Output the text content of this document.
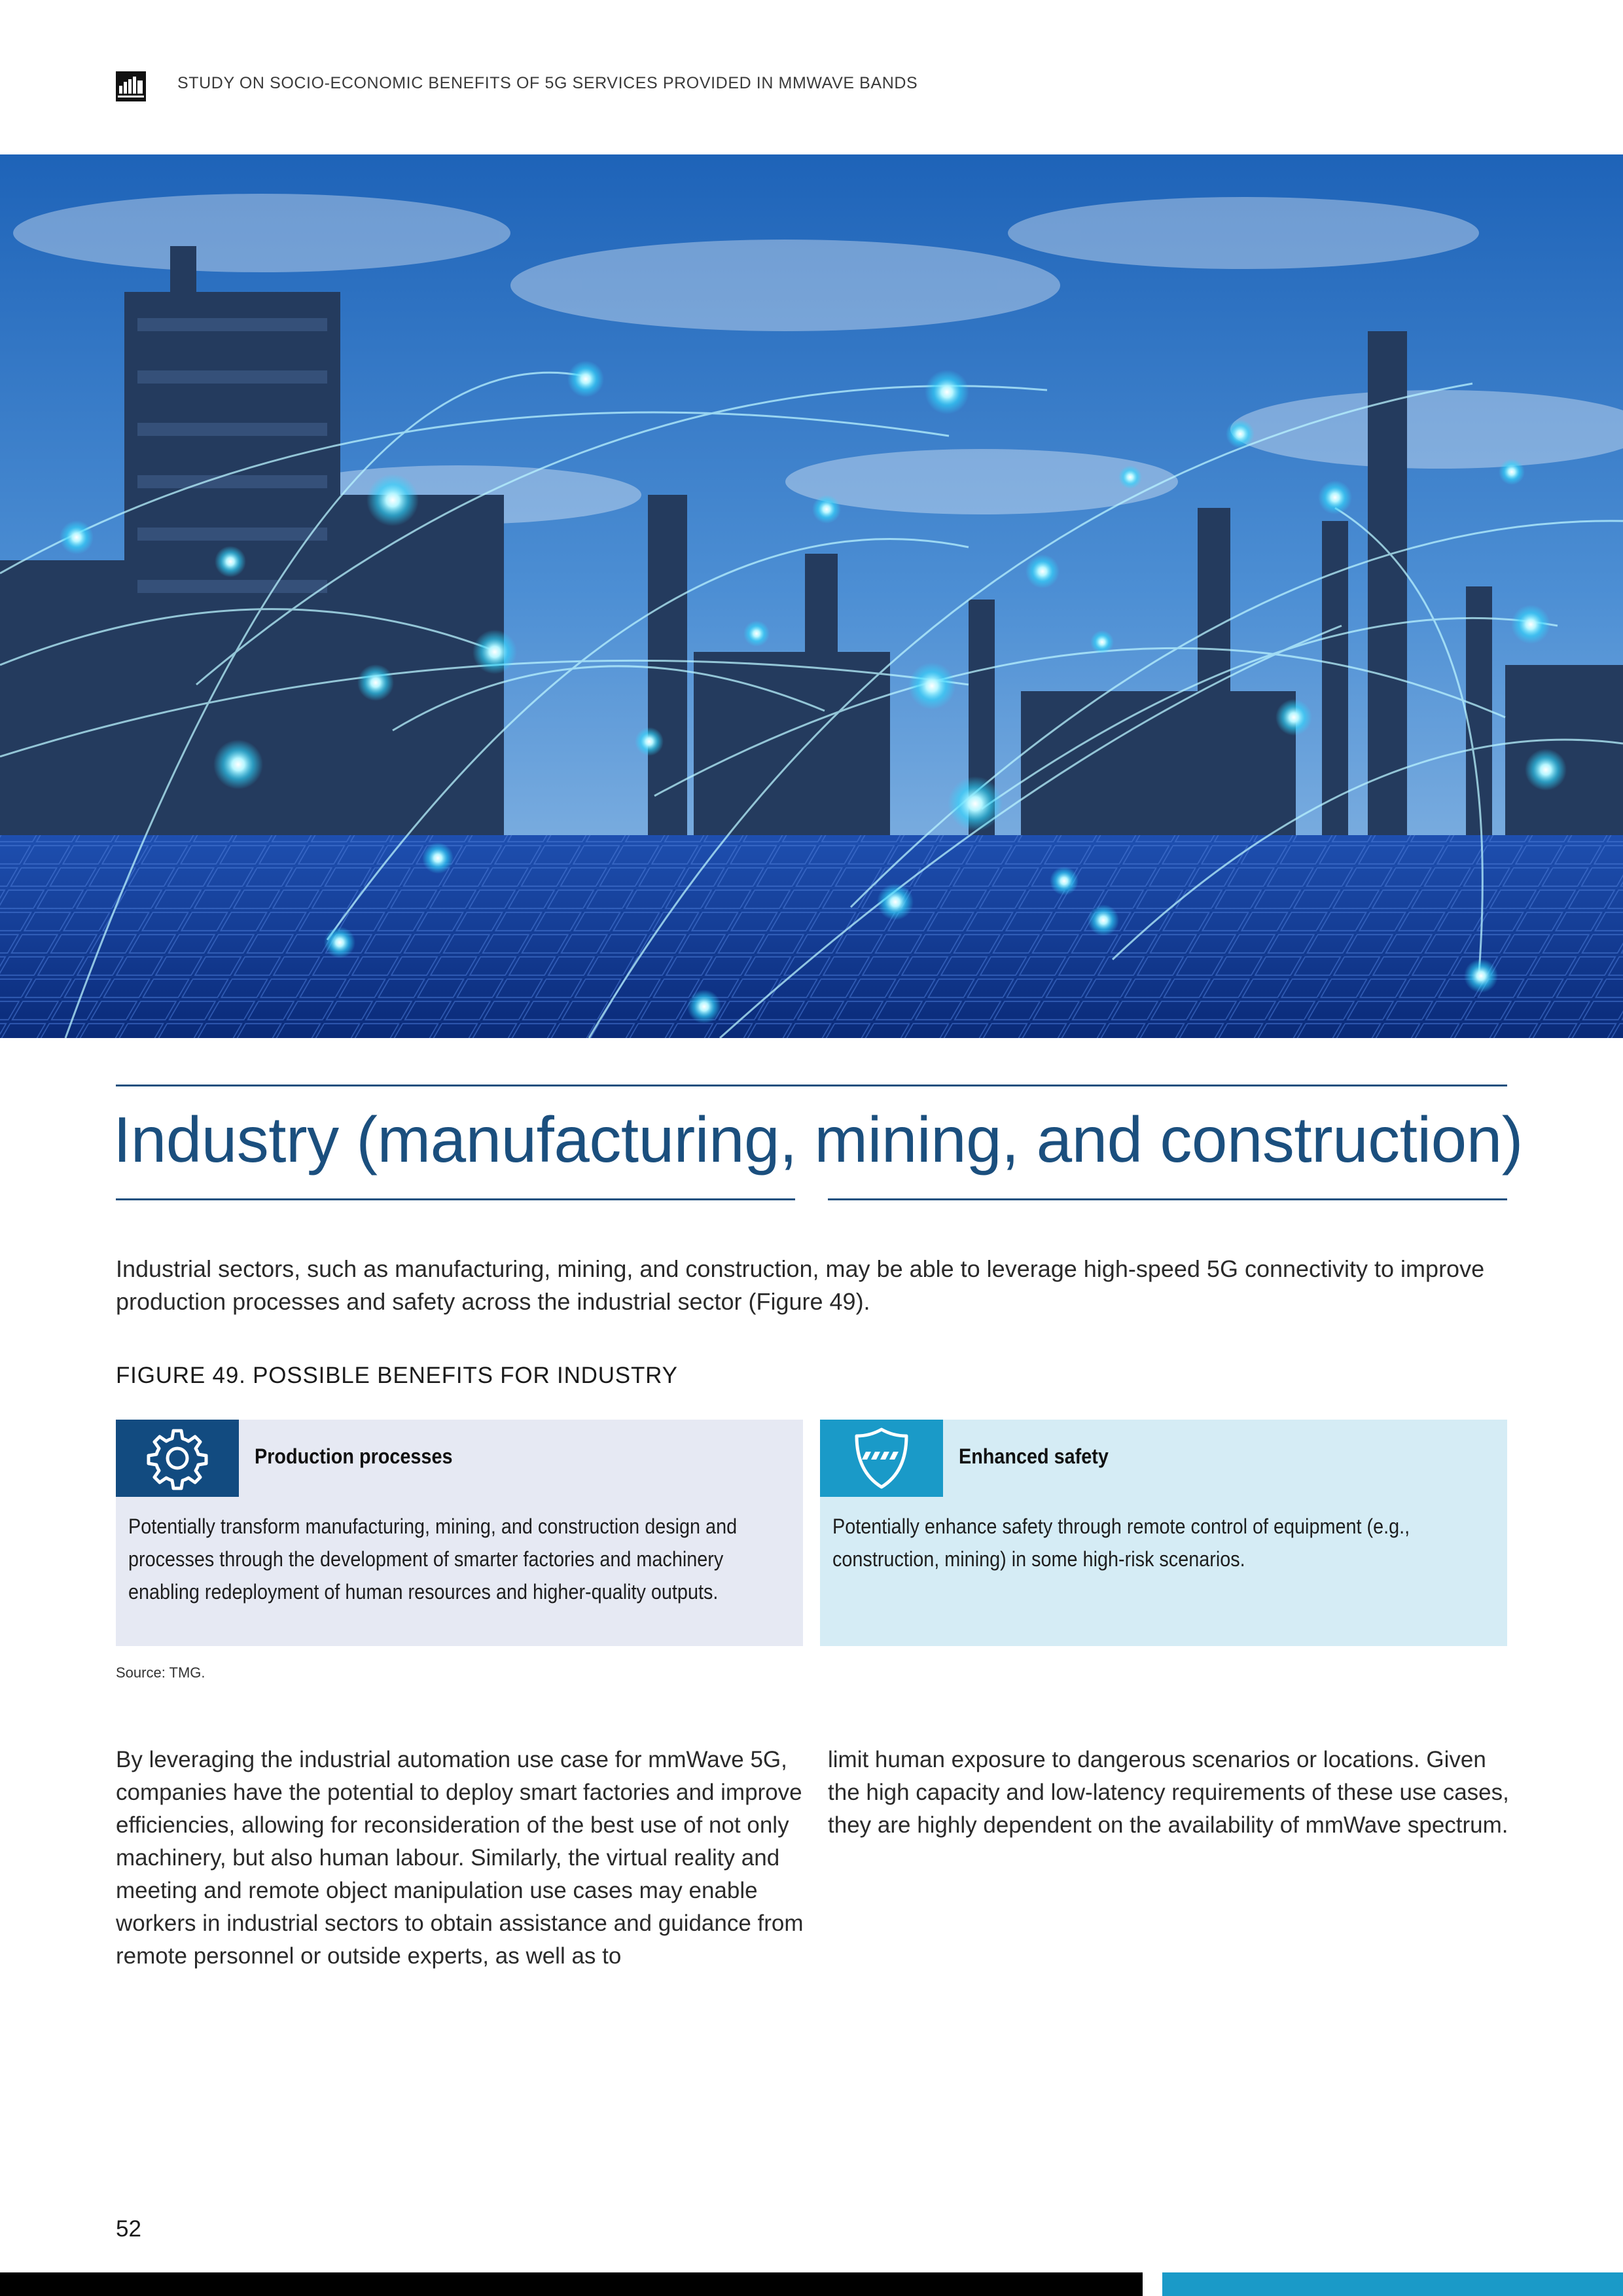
STUDY ON SOCIO-ECONOMIC BENEFITS OF 5G SERVICES PROVIDED IN MMWAVE BANDS
Industry (manufacturing, mining, and construction)
Industrial sectors, such as manufacturing, mining, and construction, may be able to leverage high-speed 5G connectivity to improve production processes and safety across the industrial sector (Figure 49).
FIGURE 49. POSSIBLE BENEFITS FOR INDUSTRY
Production processes
Potentially transform manufacturing, mining, and construction design and processes through the development of smarter factories and machinery enabling redeployment of human resources and higher-quality outputs.
Enhanced safety
Potentially enhance safety through remote control of equipment (e.g., construction, mining) in some high-risk scenarios.
Source: TMG.
By leveraging the industrial automation use case for mmWave 5G, companies have the potential to deploy smart factories and improve efficiencies, allowing for reconsideration of the best use of not only machinery, but also human labour. Similarly, the virtual reality and meeting and remote object manipulation use cases may enable workers in industrial sectors to obtain assistance and guidance from remote personnel or outside experts, as well as to
limit human exposure to dangerous scenarios or locations. Given the high capacity and low-latency requirements of these use cases, they are highly dependent on the availability of mmWave spectrum.
52
